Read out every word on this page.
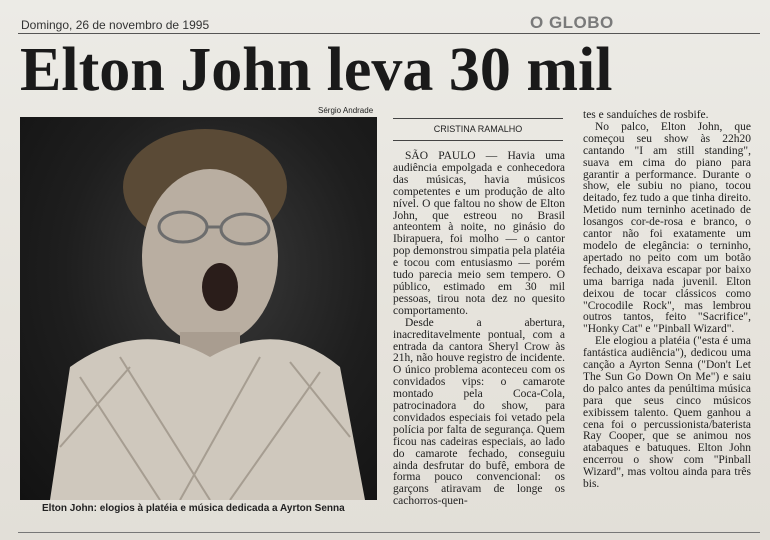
Domingo, 26 de novembro de 1995	O GLOBO
Elton John leva 30 mil
Sérgio Andrade
Elton John: elogios à platéia e música dedicada a Ayrton Senna
CRISTINA RAMALHO

SÃO PAULO — Havia uma audiência empolgada e conhecedora das músicas, havia músicos competentes e um produção de alto nível. O que faltou no show de Elton John, que estreou no Brasil anteontem à noite, no ginásio do Ibirapuera, foi molho — o cantor pop demonstrou simpatia pela platéia e tocou com entusiasmo — porém tudo parecia meio sem tempero. O público, estimado em 30 mil pessoas, tirou nota dez no quesito comportamento.

Desde a abertura, inacreditavelmente pontual, com a entrada da cantora Sheryl Crow às 21h, não houve registro de incidente. O único problema aconteceu com os convidados vips: o camarote montado pela Coca-Cola, patrocinadora do show, para convidados especiais foi vetado pela polícia por falta de segurança. Quem ficou nas cadeiras especiais, ao lado do camarote fechado, conseguiu ainda desfrutar do bufê, embora de forma pouco convencional: os garçons atiravam de longe os cachorros-quen-

tes e sanduíches de rosbife.

No palco, Elton John, que começou seu show às 22h20 cantando "I am still standing", suava em cima do piano para garantir a performance. Durante o show, ele subiu no piano, tocou deitado, fez tudo a que tinha direito. Metido num terninho acetinado de losangos cor-de-rosa e branco, o cantor não foi exatamente um modelo de elegância: o terninho, apertado no peito com um botão fechado, deixava escapar por baixo uma barriga nada juvenil. Elton deixou de tocar clássicos como "Crocodile Rock", mas lembrou outros tantos, feito "Sacrifice", "Honky Cat" e "Pinball Wizard".

Ele elogiou a platéia ("esta é uma fantástica audiência"), dedicou uma canção a Ayrton Senna ("Don't Let The Sun Go Down On Me") e saiu do palco antes da penúltima música para que seus cinco músicos exibissem talento. Quem ganhou a cena foi o percussionista/baterista Ray Cooper, que se animou nos atabaques e batuques. Elton John encerrou o show com "Pinball Wizard", mas voltou ainda para três bis.
